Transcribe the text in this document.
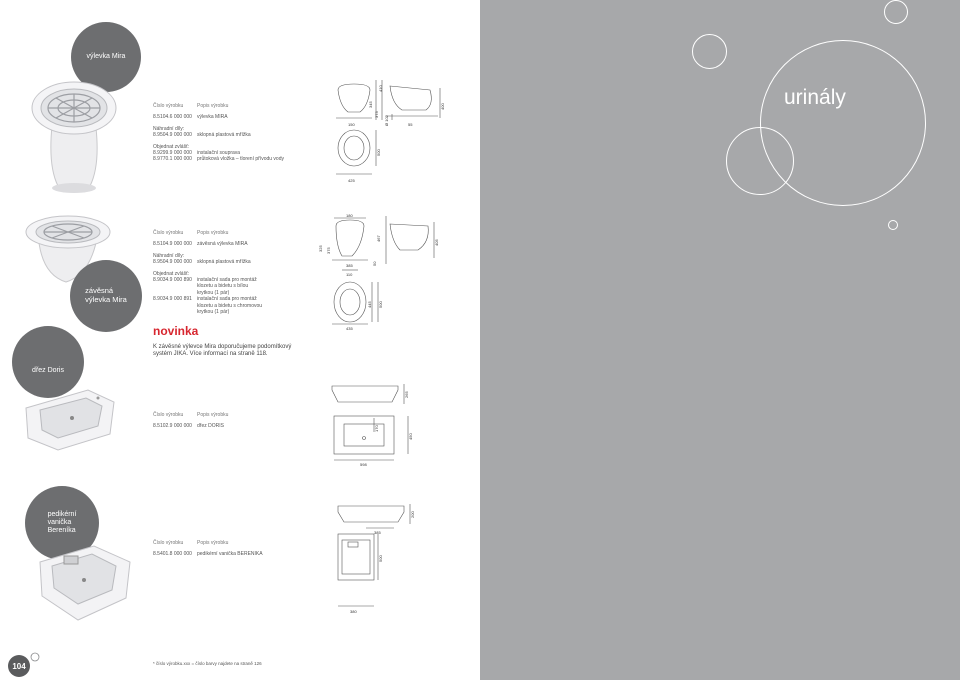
výlevka Mira
Číslo výrobku	Popis výrobku
8.5104.6 000 000	výlevka MIRA
Náhradní díly:
8.9504.9 000 000	sklopná plastová mřížka
Objednat zvlášť:
8.9299.9 000 000	instalační souprava
8.9770.1 000 000	průtoková vložka – tlorení přívodu vody
150
345
373
Ø 102	55
400
410
500
425
závěsná
výlevka Mira
Číslo výrobku	Popis výrobku
8.5104.9 000 000	závěsná výlevka MIRA
Náhradní díly:
8.9504.9 000 000	sklopná plastová mřížka
Objednat zvlášť:
8.9034.9 000 890	instalační sada pro montáž
klozetu a bidetu s bílou
krytkou (1 pár)
8.9034.9 000 891	instalační sada pro montáž
klozetu a bidetu s chromovou
krytkou (1 pár)
180
325 375
50
385
110
467
405
445 500
435
novinka
K závěsné výlevce Mira doporučujeme podomítkový
systém JIKA. Více informací na straně 118.
dřez Doris
Číslo výrobku	Popis výrobku
8.5102.9 000 000	dřez DORIS
265
170
450
598
pedikérní
vanička
Bereníka
Číslo výrobku	Popis výrobku
8.5401.8 000 000	pedikérní vanička BERENIKA
200
385
500
380
104	* číslo výrobku.xxx = číslo barvy najdete na straně 126
urinály
